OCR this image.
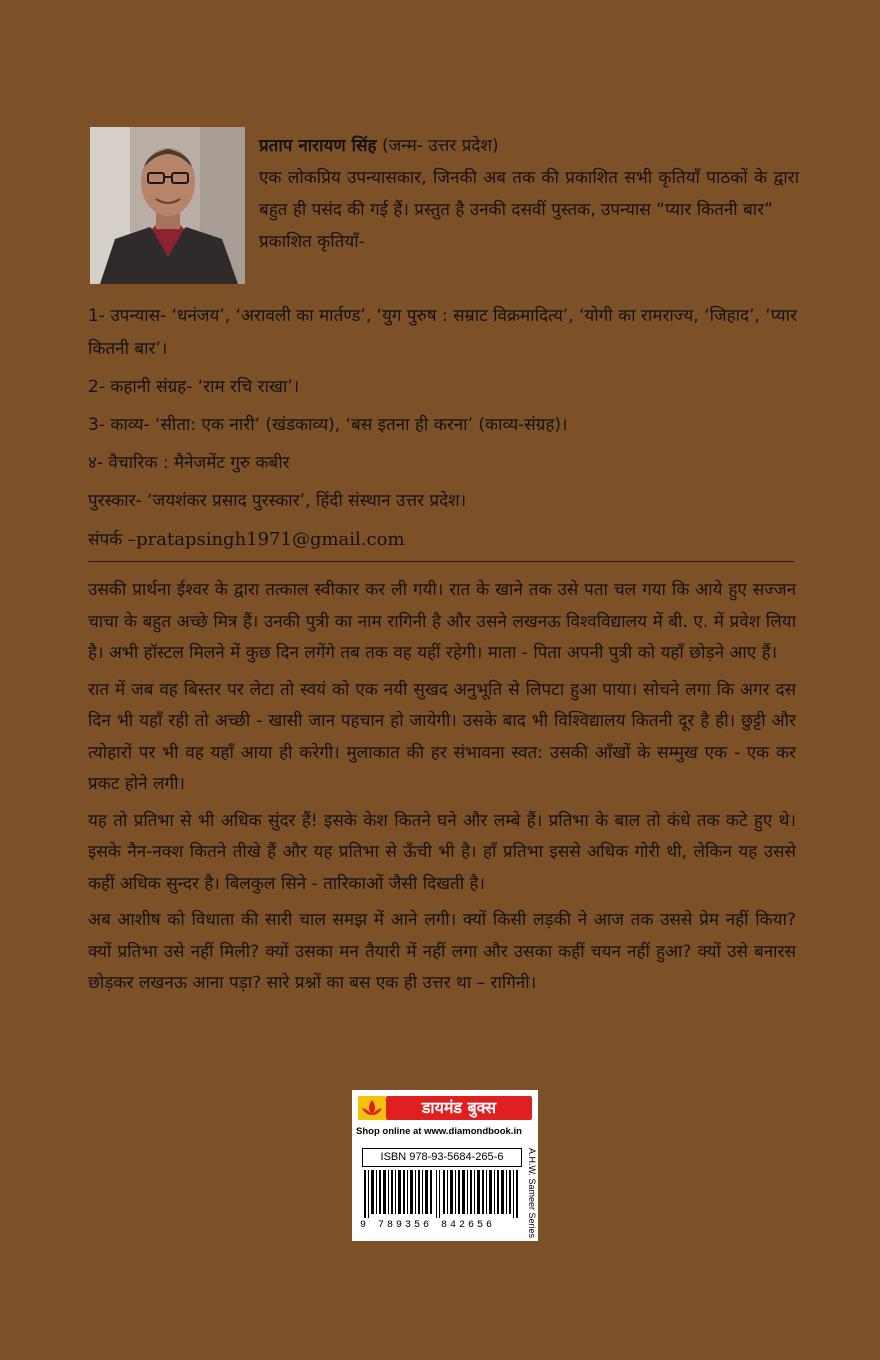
प्रताप नारायण सिंह (जन्म- उत्तर प्रदेश)

एक लोकप्रिय उपन्यासकार, जिनकी अब तक की प्रकाशित सभी कृतियाँ पाठकों के द्वारा बहुत ही पसंद की गई हैं। प्रस्तुत है उनकी दसवीं पुस्तक, उपन्यास “प्यार कितनी बार”

प्रकाशित कृतियाँ-

1- उपन्यास- ‘धनंजय’, ‘अरावली का मार्तण्ड’, ‘युग पुरुष : सम्राट विक्रमादित्य’, ‘योगी का रामराज्य, ‘जिहाद’, ‘प्यार कितनी बार’।

2- कहानी संग्रह- ‘राम रचि राखा’।

3- काव्य- ‘सीता: एक नारी’ (खंडकाव्य), ‘बस इतना ही करना’ (काव्य-संग्रह)।

४- वैचारिक : मैनेजमेंट गुरु कबीर

पुरस्कार- ‘जयशंकर प्रसाद पुरस्कार’, हिंदी संस्थान उत्तर प्रदेश।

संपर्क –pratapsingh1971@gmail.com

उसकी प्रार्थना ईश्वर के द्वारा तत्काल स्वीकार कर ली गयी। रात के खाने तक उसे पता चल गया कि आये हुए सज्जन चाचा के बहुत अच्छे मित्र हैं। उनकी पुत्री का नाम रागिनी है और उसने लखनऊ विश्वविद्यालय में बी. ए. में प्रवेश लिया है। अभी हॉस्टल मिलने में कुछ दिन लगेंगे तब तक वह यहीं रहेगी। माता - पिता अपनी पुत्री को यहाँ छोड़ने आए हैं।

रात में जब वह बिस्तर पर लेटा तो स्वयं को एक नयी सुखद अनुभूति से लिपटा हुआ पाया। सोचने लगा कि अगर दस दिन भी यहाँ रही तो अच्छी - खासी जान पहचान हो जायेगी। उसके बाद भी विश्विद्यालय कितनी दूर है ही। छुट्टी और त्योहारों पर भी वह यहाँ आया ही करेगी। मुलाकात की हर संभावना स्वत: उसकी आँखों के सम्मुख एक - एक कर प्रकट होने लगी।

यह तो प्रतिभा से भी अधिक सुंदर हैं! इसके केश कितने घने और लम्बे हैं। प्रतिभा के बाल तो कंधे तक कटे हुए थे। इसके नैन-नक्श कितने तीखे हैं और यह प्रतिभा से ऊँची भी है। हाँ प्रतिभा इससे अधिक गोरी थी, लेकिन यह उससे कहीं अधिक सुन्दर है। बिलकुल सिने - तारिकाओं जैसी दिखती है।

अब आशीष को विधाता की सारी चाल समझ में आने लगी। क्यों किसी लड़की ने आज तक उससे प्रेम नहीं किया? क्यों प्रतिभा उसे नहीं मिली? क्यों उसका मन तैयारी में नहीं लगा और उसका कहीं चयन नहीं हुआ? क्यों उसे बनारस छोड़कर लखनऊ आना पड़ा? सारे प्रश्नों का बस एक ही उत्तर था – रागिनी।

डायमंड बुक्स
Shop online at www.diamondbook.in
ISBN 978-93-5684-265-6
9 789356 842656	A.H.W. Sameer Series
